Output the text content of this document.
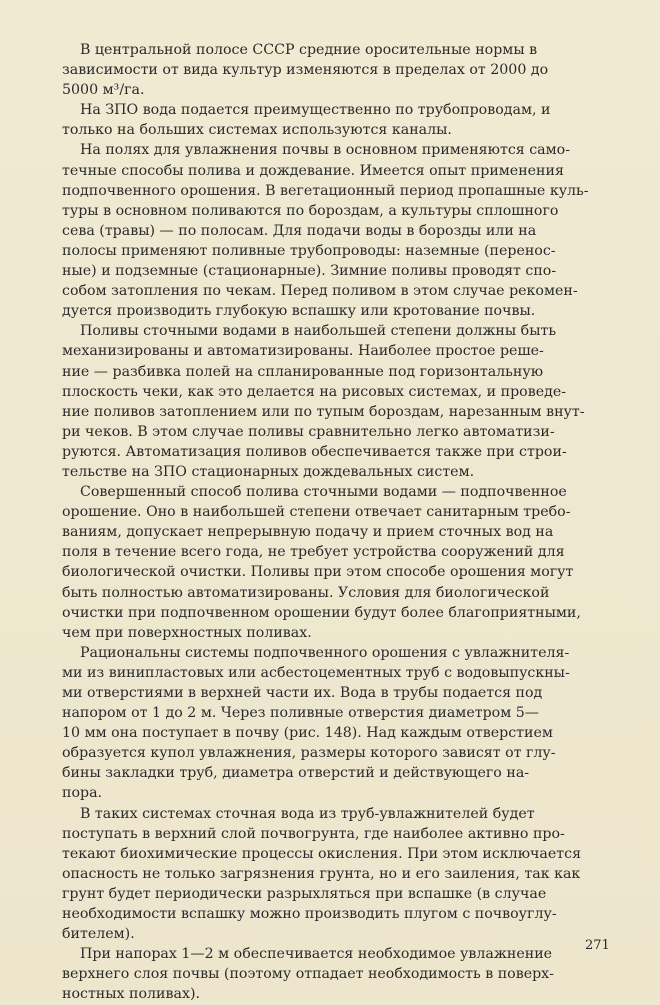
В центральной полосе СССР средние оросительные нормы в
зависимости от вида культур изменяются в пределах от 2000 до
5000 м³/га.

На ЗПО вода подается преимущественно по трубопроводам, и
только на больших системах используются каналы.

На полях для увлажнения почвы в основном применяются само-
течные способы полива и дождевание. Имеется опыт применения
подпочвенного орошения. В вегетационный период пропашные куль-
туры в основном поливаются по бороздам, а культуры сплошного
сева (травы) — по полосам. Для подачи воды в борозды или на
полосы применяют поливные трубопроводы: наземные (перенос-
ные) и подземные (стационарные). Зимние поливы проводят спо-
собом затопления по чекам. Перед поливом в этом случае рекомен-
дуется производить глубокую вспашку или кротование почвы.

Поливы сточными водами в наибольшей степени должны быть
механизированы и автоматизированы. Наиболее простое реше-
ние — разбивка полей на спланированные под горизонтальную
плоскость чеки, как это делается на рисовых системах, и проведе-
ние поливов затоплением или по тупым бороздам, нарезанным внут-
ри чеков. В этом случае поливы сравнительно легко автоматизи-
руются. Автоматизация поливов обеспечивается также при строи-
тельстве на ЗПО стационарных дождевальных систем.

Совершенный способ полива сточными водами — подпочвенное
орошение. Оно в наибольшей степени отвечает санитарным требо-
ваниям, допускает непрерывную подачу и прием сточных вод на
поля в течение всего года, не требует устройства сооружений для
биологической очистки. Поливы при этом способе орошения могут
быть полностью автоматизированы. Условия для биологической
очистки при подпочвенном орошении будут более благоприятными,
чем при поверхностных поливах.

Рациональны системы подпочвенного орошения с увлажнителя-
ми из винипластовых или асбестоцементных труб с водовыпускны-
ми отверстиями в верхней части их. Вода в трубы подается под
напором от 1 до 2 м. Через поливные отверстия диаметром 5—
10 мм она поступает в почву (рис. 148). Над каждым отверстием
образуется купол увлажнения, размеры которого зависят от глу-
бины закладки труб, диаметра отверстий и действующего на-
пора.

В таких системах сточная вода из труб-увлажнителей будет
поступать в верхний слой почвогрунта, где наиболее активно про-
текают биохимические процессы окисления. При этом исключается
опасность не только загрязнения грунта, но и его заиления, так как
грунт будет периодически разрыхляться при вспашке (в случае
необходимости вспашку можно производить плугом с почвоуглу-
бителем).

При напорах 1—2 м обеспечивается необходимое увлажнение
верхнего слоя почвы (поэтому отпадает необходимость в поверх-
ностных поливах).

271
